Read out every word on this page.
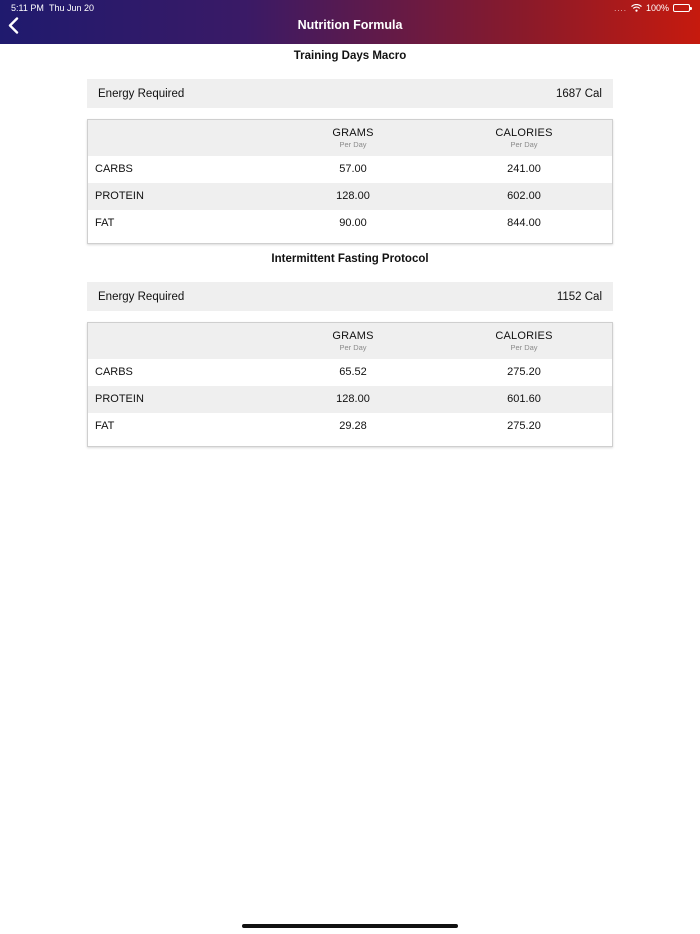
5:11 PM Thu Jun 20	.... 100%
Nutrition Formula
Training Days Macro
Energy Required	1687 Cal
GRAMS
Per Day
CALORIES
Per Day
CARBS	57.00	241.00
PROTEIN	128.00	602.00
FAT	90.00	844.00
Intermittent Fasting Protocol
Energy Required	1152 Cal
GRAMS
Per Day
CALORIES
Per Day
CARBS	65.52	275.20
PROTEIN	128.00	601.60
FAT	29.28	275.20
